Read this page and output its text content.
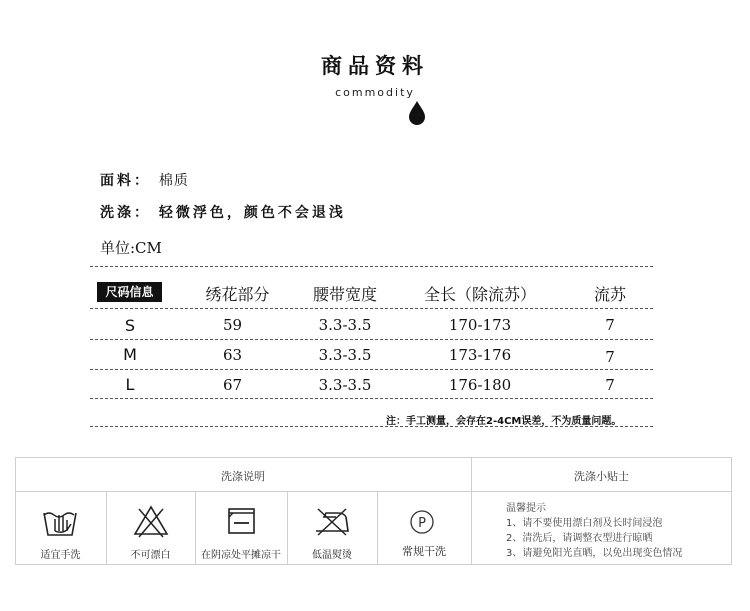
商品资料
commodity
面料： 棉质
洗涤： 轻微浮色，颜色不会退浅
单位:CM
尺码信息	绣花部分	腰带宽度	全长（除流苏）	流苏
S	59	3.3-3.5	170-173	7
M	63	3.3-3.5	173-176	7
L	67	3.3-3.5	176-180	7
注：手工测量，会存在2-4CM误差，不为质量问题。
洗涤说明	洗涤小贴士
适宜手洗	不可漂白	在阴凉处平摊凉干	低温熨烫
P
常规干洗
温馨提示
1、请不要使用漂白剂及长时间浸泡
2、清洗后，请调整衣型进行晾晒
3、请避免阳光直晒，以免出现变色情况
